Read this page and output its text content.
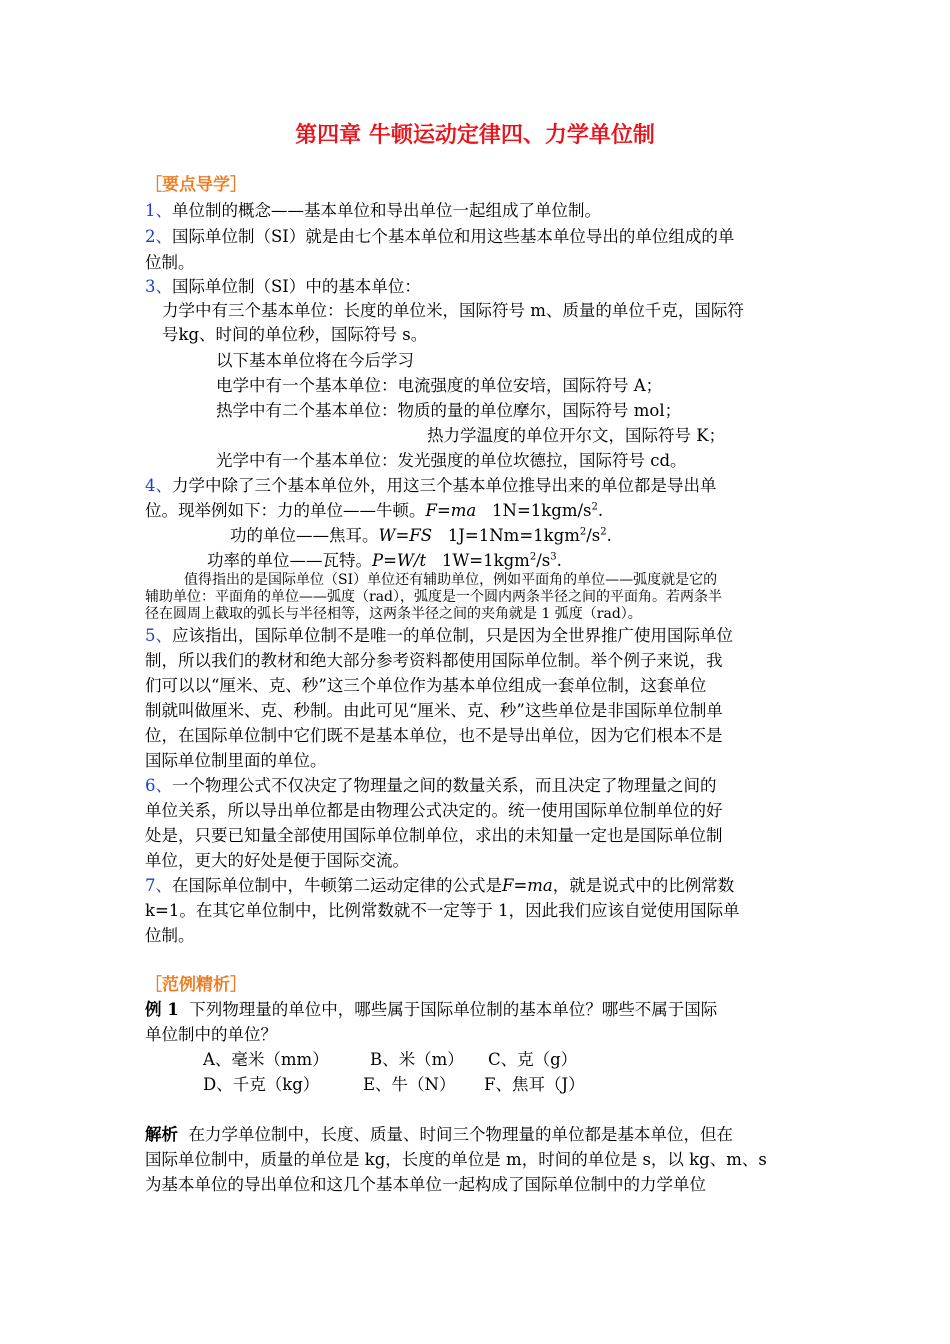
第四章 牛顿运动定律四、力学单位制
［要点导学］
1、单位制的概念——基本单位和导出单位一起组成了单位制。
2、国际单位制（SI）就是由七个基本单位和用这些基本单位导出的单位组成的单
位制。
3、国际单位制（SI）中的基本单位：
力学中有三个基本单位：长度的单位米，国际符号 m、质量的单位千克，国际符
号kg、时间的单位秒，国际符号 s。
以下基本单位将在今后学习
电学中有一个基本单位：电流强度的单位安培，国际符号 A；
热学中有二个基本单位：物质的量的单位摩尔，国际符号 mol；
热力学温度的单位开尔文，国际符号 K；
光学中有一个基本单位：发光强度的单位坎德拉，国际符号 cd。
4、力学中除了三个基本单位外，用这三个基本单位推导出来的单位都是导出单
位。现举例如下：力的单位——牛顿。F=ma $1N=1kgm/s^2$.
功的单位——焦耳。W=FS $1J=1Nm=1kgm^2/s^2$.
功率的单位——瓦特。P=W/t $1W=1kgm^2/s^3$.
值得指出的是国际单位（SI）单位还有辅助单位，例如平面角的单位——弧度就是它的
辅助单位：平面角的单位——弧度（rad），弧度是一个圆内两条半径之间的平面角。若两条半
径在圆周上截取的弧长与半径相等，这两条半径之间的夹角就是 1 弧度（rad）。
5、应该指出，国际单位制不是唯一的单位制，只是因为全世界推广使用国际单位
制，所以我们的教材和绝大部分参考资料都使用国际单位制。举个例子来说，我
们可以以“厘米、克、秒”这三个单位作为基本单位组成一套单位制，这套单位
制就叫做厘米、克、秒制。由此可见“厘米、克、秒”这些单位是非国际单位制单
位，在国际单位制中它们既不是基本单位，也不是导出单位，因为它们根本不是
国际单位制里面的单位。
6、一个物理公式不仅决定了物理量之间的数量关系，而且决定了物理量之间的
单位关系，所以导出单位都是由物理公式决定的。统一使用国际单位制单位的好
处是，只要已知量全部使用国际单位制单位，求出的未知量一定也是国际单位制
单位，更大的好处是便于国际交流。
7、在国际单位制中，牛顿第二运动定律的公式是F=ma，就是说式中的比例常数
k=1。在其它单位制中，比例常数就不一定等于 1，因此我们应该自觉使用国际单
位制。
［范例精析］
例 1 下列物理量的单位中，哪些属于国际单位制的基本单位？哪些不属于国际
单位制中的单位？
A、毫米（mm）	B、米（m） C、克（g）
D、千克（kg）	E、牛（N） F、焦耳（J）
解析 在力学单位制中，长度、质量、时间三个物理量的单位都是基本单位，但在
国际单位制中，质量的单位是 kg，长度的单位是 m，时间的单位是 s，以 kg、m、s
为基本单位的导出单位和这几个基本单位一起构成了国际单位制中的力学单位
